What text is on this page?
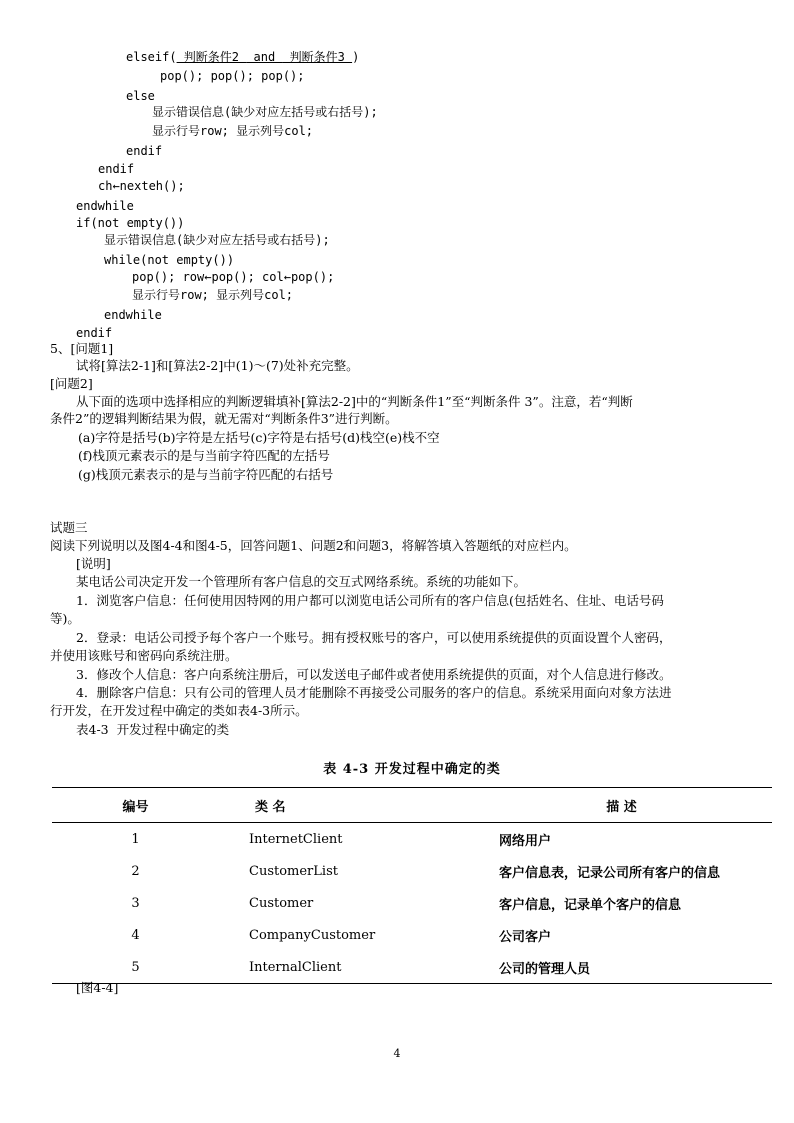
elseif( 判断条件2  and  判断条件3 )
pop(); pop(); pop();
else
显示错误信息(缺少对应左括号或右括号);
显示行号row; 显示列号col;
endif
endif
ch←nexteh();
endwhile
if(not empty())
显示错误信息(缺少对应左括号或右括号);
while(not empty())
pop(); row←pop(); col←pop();
显示行号row; 显示列号col;
endwhile
endif
5、[问题1]
试将[算法2-1]和[算法2-2]中(1)～(7)处补充完整。
[问题2]
从下面的选项中选择相应的判断逻辑填补[算法2-2]中的“判断条件1”至“判断条件 3”。注意，若“判断
条件2”的逻辑判断结果为假，就无需对“判断条件3”进行判断。
(a)字符是括号(b)字符是左括号(c)字符是右括号(d)栈空(e)栈不空
(f)栈顶元素表示的是与当前字符匹配的左括号
(g)栈顶元素表示的是与当前字符匹配的右括号
试题三
阅读下列说明以及图4-4和图4-5，回答问题1、问题2和问题3，将解答填入答题纸的对应栏内。
[说明]
某电话公司决定开发一个管理所有客户信息的交互式网络系统。系统的功能如下。
1．浏览客户信息：任何使用因特网的用户都可以浏览电话公司所有的客户信息(包括姓名、住址、电话号码
等)。
2．登录：电话公司授予每个客户一个账号。拥有授权账号的客户，可以使用系统提供的页面设置个人密码，
并使用该账号和密码向系统注册。
3．修改个人信息：客户向系统注册后，可以发送电子邮件或者使用系统提供的页面，对个人信息进行修改。
4．删除客户信息：只有公司的管理人员才能删除不再接受公司服务的客户的信息。系统采用面向对象方法进
行开发，在开发过程中确定的类如表4-3所示。
表4-3  开发过程中确定的类
表 4-3 开发过程中确定的类
编号	类 名	描 述
1	InternetClient	网络用户
2	CustomerList	客户信息表，记录公司所有客户的信息
3	Customer	客户信息，记录单个客户的信息
4	CompanyCustomer	公司客户
5	InternalClient	公司的管理人员
[图4-4]
4
